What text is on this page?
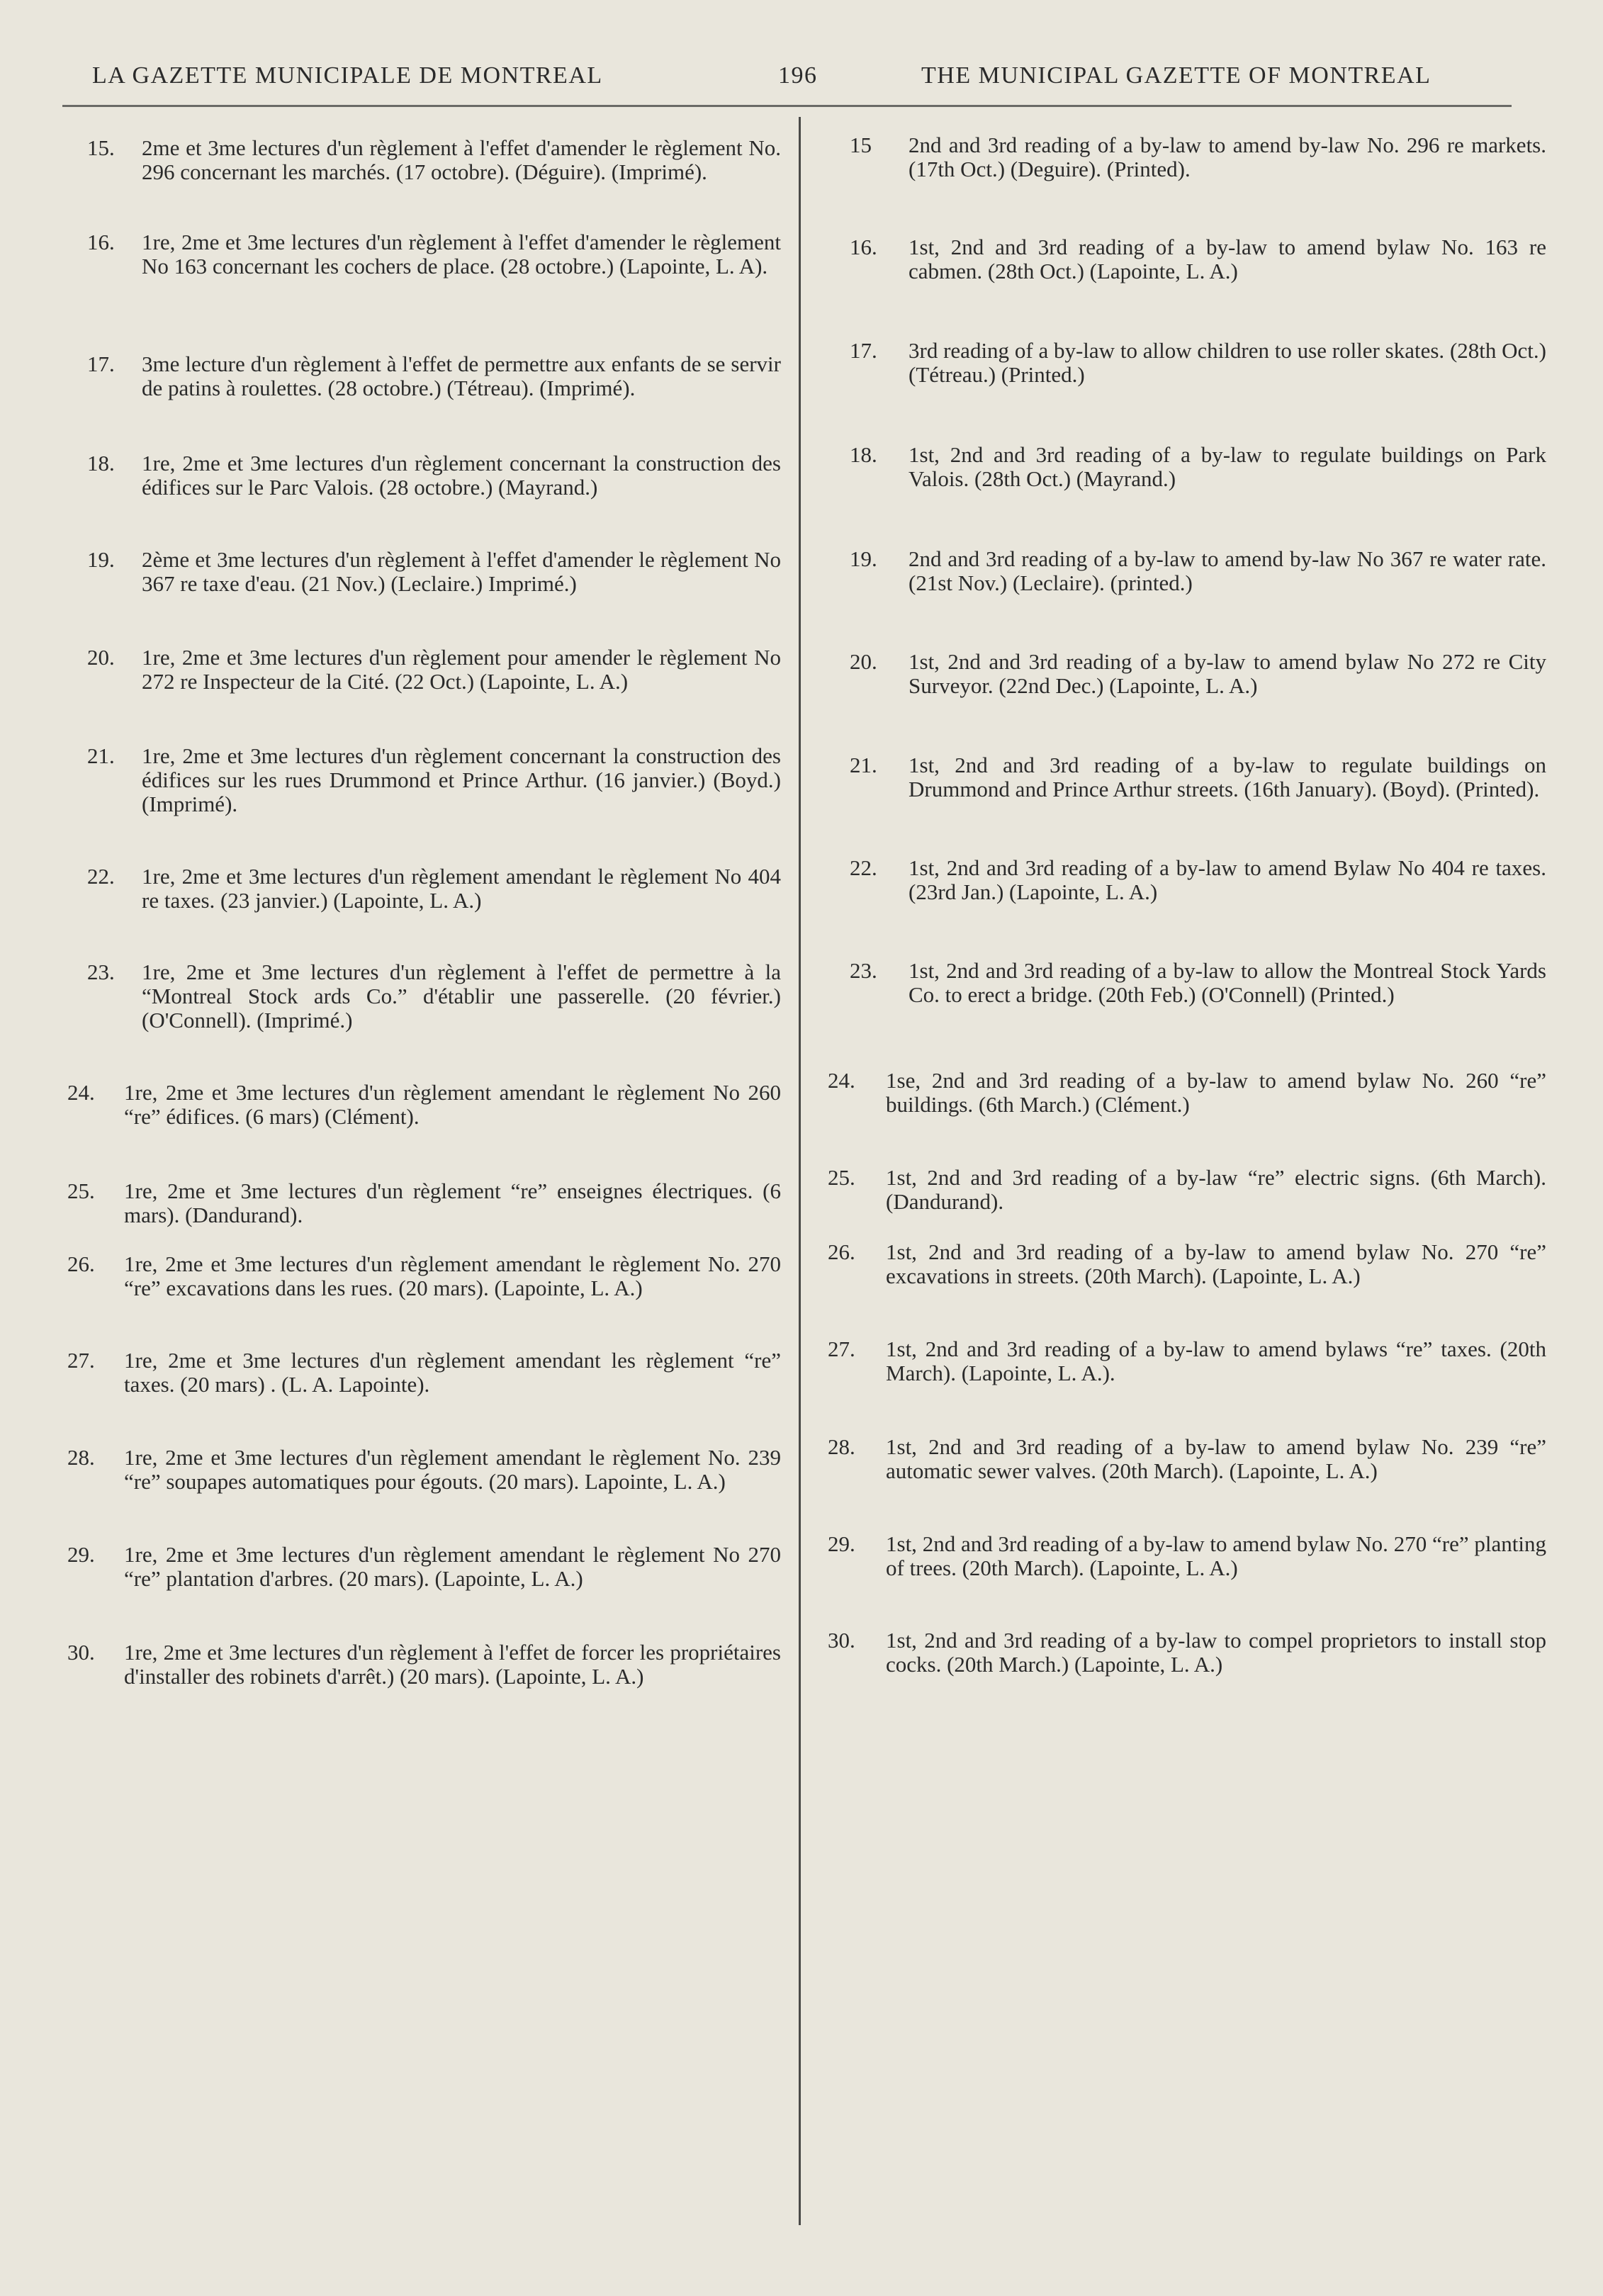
LA GAZETTE MUNICIPALE DE MONTREAL	196	THE MUNICIPAL GAZETTE OF MONTREAL
15. 2me et 3me lectures d'un règlement à l'effet d'amender le règlement No. 296 concernant les marchés. (17 octobre). (Déguire). (Imprimé).
16. 1re, 2me et 3me lectures d'un règlement à l'effet d'amender le règlement No 163 concernant les cochers de place. (28 octobre.) (Lapointe, L. A).
17. 3me lecture d'un règlement à l'effet de permettre aux enfants de se servir de patins à roulettes. (28 octobre.) (Tétreau). (Imprimé).
18. 1re, 2me et 3me lectures d'un règlement concernant la construction des édifices sur le Parc Valois. (28 octobre.) (Mayrand.)
19. 2ème et 3me lectures d'un règlement à l'effet d'amender le règlement No 367 re taxe d'eau. (21 Nov.) (Leclaire.) Imprimé.)
20. 1re, 2me et 3me lectures d'un règlement pour amender le règlement No 272 re Inspecteur de la Cité. (22 Oct.) (Lapointe, L. A.)
21. 1re, 2me et 3me lectures d'un règlement concernant la construction des édifices sur les rues Drummond et Prince Arthur. (16 janvier.) (Boyd.) (Imprimé).
22. 1re, 2me et 3me lectures d'un règlement amendant le règlement No 404 re taxes. (23 janvier.) (Lapointe, L. A.)
23. 1re, 2me et 3me lectures d'un règlement à l'effet de permettre à la “Montreal Stock ards Co.” d'établir une passerelle. (20 février.) (O'Connell). (Imprimé.)
24. 1re, 2me et 3me lectures d'un règlement amendant le règlement No 260 “re” édifices. (6 mars) (Clément).
25. 1re, 2me et 3me lectures d'un règlement “re” enseignes électriques. (6 mars). (Dandurand).
26. 1re, 2me et 3me lectures d'un règlement amendant le règlement No. 270 “re” excavations dans les rues. (20 mars). (Lapointe, L. A.)
27. 1re, 2me et 3me lectures d'un règlement amendant les règlement “re” taxes. (20 mars) . (L. A. Lapointe).
28. 1re, 2me et 3me lectures d'un règlement amendant le règlement No. 239 “re” soupapes automatiques pour égouts. (20 mars). Lapointe, L. A.)
29. 1re, 2me et 3me lectures d'un règlement amendant le règlement No 270 “re” plantation d'arbres. (20 mars). (Lapointe, L. A.)
30. 1re, 2me et 3me lectures d'un règlement à l'effet de forcer les propriétaires d'installer des robinets d'arrêt.) (20 mars). (Lapointe, L. A.)
15 2nd and 3rd reading of a by-law to amend by-law No. 296 re markets. (17th Oct.) (Deguire). (Printed).
16. 1st, 2nd and 3rd reading of a by-law to amend bylaw No. 163 re cabmen. (28th Oct.) (Lapointe, L. A.)
17. 3rd reading of a by-law to allow children to use roller skates. (28th Oct.) (Tétreau.) (Printed.)
18. 1st, 2nd and 3rd reading of a by-law to regulate buildings on Park Valois. (28th Oct.) (Mayrand.)
19. 2nd and 3rd reading of a by-law to amend by-law No 367 re water rate. (21st Nov.) (Leclaire). (printed.)
20. 1st, 2nd and 3rd reading of a by-law to amend bylaw No 272 re City Surveyor. (22nd Dec.) (Lapointe, L. A.)
21. 1st, 2nd and 3rd reading of a by-law to regulate buildings on Drummond and Prince Arthur streets. (16th January). (Boyd). (Printed).
22. 1st, 2nd and 3rd reading of a by-law to amend Bylaw No 404 re taxes. (23rd Jan.) (Lapointe, L. A.)
23. 1st, 2nd and 3rd reading of a by-law to allow the Montreal Stock Yards Co. to erect a bridge. (20th Feb.) (O'Connell) (Printed.)
24. 1se, 2nd and 3rd reading of a by-law to amend bylaw No. 260 “re” buildings. (6th March.) (Clément.)
25. 1st, 2nd and 3rd reading of a by-law “re” electric signs. (6th March). (Dandurand).
26. 1st, 2nd and 3rd reading of a by-law to amend bylaw No. 270 “re” excavations in streets. (20th March). (Lapointe, L. A.)
27. 1st, 2nd and 3rd reading of a by-law to amend bylaws “re” taxes. (20th March). (Lapointe, L. A.).
28. 1st, 2nd and 3rd reading of a by-law to amend bylaw No. 239 “re” automatic sewer valves. (20th March). (Lapointe, L. A.)
29. 1st, 2nd and 3rd reading of a by-law to amend bylaw No. 270 “re” planting of trees. (20th March). (Lapointe, L. A.)
30. 1st, 2nd and 3rd reading of a by-law to compel proprietors to install stop cocks. (20th March.) (Lapointe, L. A.)
